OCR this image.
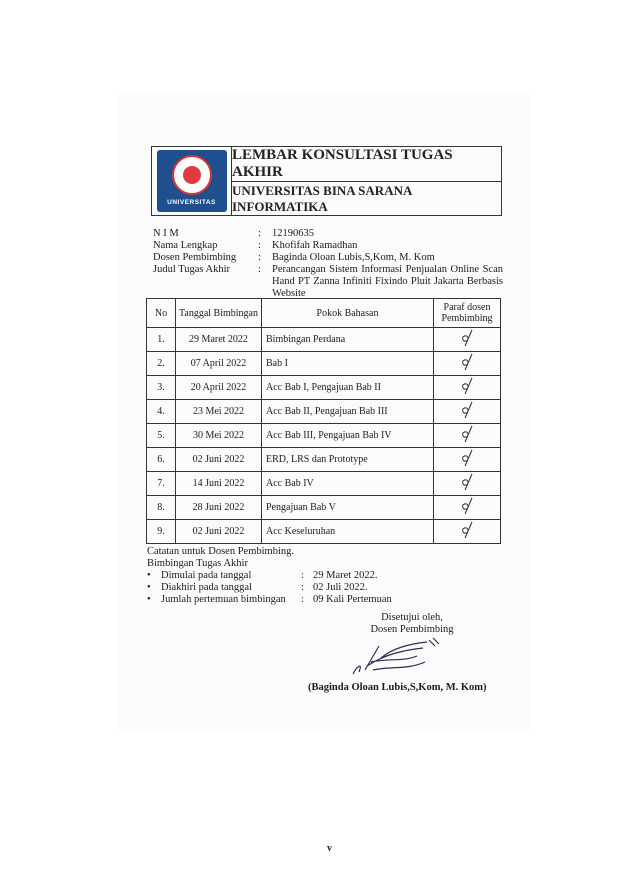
UNIVERSITAS
LEMBAR KONSULTASI TUGAS AKHIR
UNIVERSITAS BINA SARANA INFORMATIKA
N I M	:	12190635
Nama Lengkap	:	Khofifah Ramadhan
Dosen Pembimbing	:	Baginda Oloan Lubis,S,Kom, M. Kom
Judul Tugas Akhir	:	Perancangan Sistem Informasi Penjualan Online Scan Hand PT Zanna Infiniti Fixindo Pluit Jakarta Berbasis Website
No	Tanggal Bimbingan	Pokok Bahasan	Paraf dosen Pembimbing
1.	29 Maret 2022	Bimbingan Perdana	
2.	07 April 2022	Bab I	
3.	20 April 2022	Acc Bab I, Pengajuan Bab II	
4.	23 Mei 2022	Acc Bab II, Pengajuan Bab III	
5.	30 Mei 2022	Acc Bab III, Pengajuan Bab IV	
6.	02 Juni 2022	ERD, LRS dan Prototype	
7.	14 Juni 2022	Acc Bab IV	
8.	28 Juni 2022	Pengajuan Bab V	
9.	02 Juni 2022	Acc Keseluruhan	
Catatan untuk Dosen Pembimbing.
Bimbingan Tugas Akhir
• Dimulai pada tanggal	: 29 Maret 2022.
• Diakhiri pada tanggal	: 02 Juli 2022.
• Jumlah pertemuan bimbingan	: 09 Kali Pertemuan
Disetujui oleh,
Dosen Pembimbing
(Baginda Oloan Lubis,S,Kom, M. Kom)
v
